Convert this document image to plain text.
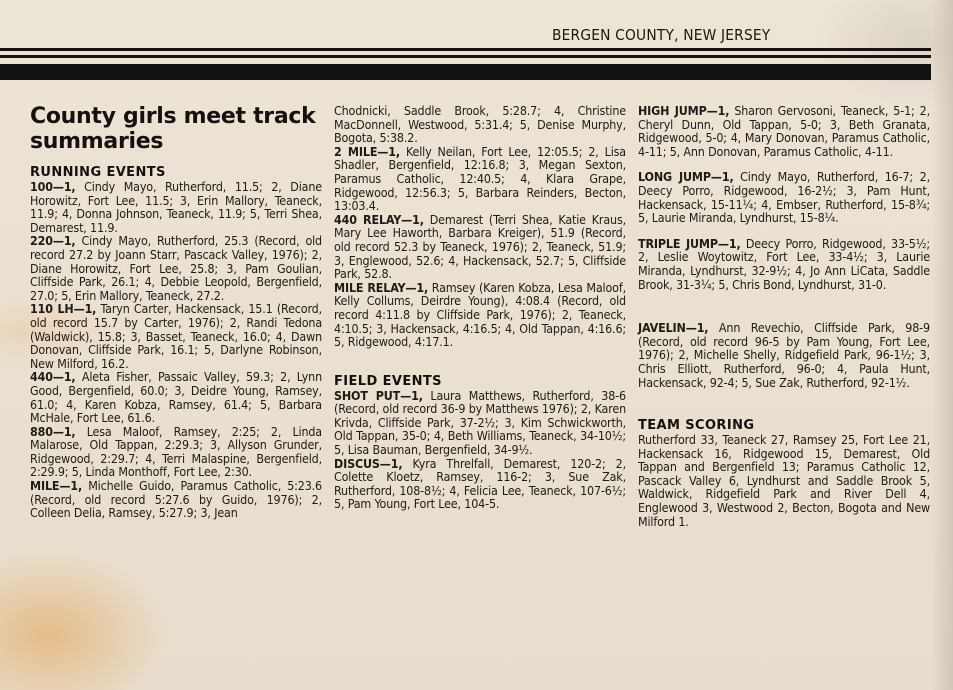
BERGEN COUNTY, NEW JERSEY
County girls meet track summaries
RUNNING EVENTS
100—1, Cindy Mayo, Rutherford, 11.5; 2, Diane Horowitz, Fort Lee, 11.5; 3, Erin Mallory, Teaneck, 11.9; 4, Donna Johnson, Teaneck, 11.9; 5, Terri Shea, Demarest, 11.9.
220—1, Cindy Mayo, Rutherford, 25.3 (Record, old record 27.2 by Joann Starr, Pascack Valley, 1976); 2, Diane Horowitz, Fort Lee, 25.8; 3, Pam Goulian, Cliffside Park, 26.1; 4, Debbie Leopold, Bergenfield, 27.0; 5, Erin Mallory, Teaneck, 27.2.
110 LH—1, Taryn Carter, Hackensack, 15.1 (Record, old record 15.7 by Carter, 1976); 2, Randi Tedona (Waldwick), 15.8; 3, Basset, Teaneck, 16.0; 4, Dawn Donovan, Cliffside Park, 16.1; 5, Darlyne Robinson, New Milford, 16.2.
440—1, Aleta Fisher, Passaic Valley, 59.3; 2, Lynn Good, Bergenfield, 60.0; 3, Deidre Young, Ramsey, 61.0; 4, Karen Kobza, Ramsey, 61.4; 5, Barbara McHale, Fort Lee, 61.6.
880—1, Lesa Maloof, Ramsey, 2:25; 2, Linda Malarose, Old Tappan, 2:29.3; 3, Allyson Grunder, Ridgewood, 2:29.7; 4, Terri Malaspine, Bergenfield, 2:29.9; 5, Linda Monthoff, Fort Lee, 2:30.
MILE—1, Michelle Guido, Paramus Catholic, 5:23.6 (Record, old record 5:27.6 by Guido, 1976); 2, Colleen Delia, Ramsey, 5:27.9; 3, Jean
Chodnicki, Saddle Brook, 5:28.7; 4, Christine MacDonnell, Westwood, 5:31.4; 5, Denise Murphy, Bogota, 5:38.2.
2 MILE—1, Kelly Neilan, Fort Lee, 12:05.5; 2, Lisa Shadler, Bergenfield, 12:16.8; 3, Megan Sexton, Paramus Catholic, 12:40.5; 4, Klara Grape, Ridgewood, 12:56.3; 5, Barbara Reinders, Becton, 13:03.4.
440 RELAY—1, Demarest (Terri Shea, Katie Kraus, Mary Lee Haworth, Barbara Kreiger), 51.9 (Record, old record 52.3 by Teaneck, 1976); 2, Teaneck, 51.9; 3, Englewood, 52.6; 4, Hackensack, 52.7; 5, Cliffside Park, 52.8.
MILE RELAY—1, Ramsey (Karen Kobza, Lesa Maloof, Kelly Collums, Deirdre Young), 4:08.4 (Record, old record 4:11.8 by Cliffside Park, 1976); 2, Teaneck, 4:10.5; 3, Hackensack, 4:16.5; 4, Old Tappan, 4:16.6; 5, Ridgewood, 4:17.1.
FIELD EVENTS
SHOT PUT—1, Laura Matthews, Rutherford, 38-6 (Record, old record 36-9 by Matthews 1976); 2, Karen Krivda, Cliffside Park, 37-2½; 3, Kim Schwickworth, Old Tappan, 35-0; 4, Beth Williams, Teaneck, 34-10½; 5, Lisa Bauman, Bergenfield, 34-9½.
DISCUS—1, Kyra Threlfall, Demarest, 120-2; 2, Colette Kloetz, Ramsey, 116-2; 3, Sue Zak, Rutherford, 108-8½; 4, Felicia Lee, Teaneck, 107-6½; 5, Pam Young, Fort Lee, 104-5.
HIGH JUMP—1, Sharon Gervosoni, Teaneck, 5-1; 2, Cheryl Dunn, Old Tappan, 5-0; 3, Beth Granata, Ridgewood, 5-0; 4, Mary Donovan, Paramus Catholic, 4-11; 5, Ann Donovan, Paramus Catholic, 4-11.
LONG JUMP—1, Cindy Mayo, Rutherford, 16-7; 2, Deecy Porro, Ridgewood, 16-2½; 3, Pam Hunt, Hackensack, 15-11¼; 4, Embser, Rutherford, 15-8¾; 5, Laurie Miranda, Lyndhurst, 15-8¼.
TRIPLE JUMP—1, Deecy Porro, Ridgewood, 33-5½; 2, Leslie Woytowitz, Fort Lee, 33-4½; 3, Laurie Miranda, Lyndhurst, 32-9½; 4, Jo Ann LiCata, Saddle Brook, 31-3¼; 5, Chris Bond, Lyndhurst, 31-0.
JAVELIN—1, Ann Revechio, Cliffside Park, 98-9 (Record, old record 96-5 by Pam Young, Fort Lee, 1976); 2, Michelle Shelly, Ridgefield Park, 96-1½; 3, Chris Elliott, Rutherford, 96-0; 4, Paula Hunt, Hackensack, 92-4; 5, Sue Zak, Rutherford, 92-1½.
TEAM SCORING
Rutherford 33, Teaneck 27, Ramsey 25, Fort Lee 21, Hackensack 16, Ridgewood 15, Demarest, Old Tappan and Bergenfield 13; Paramus Catholic 12, Pascack Valley 6, Lyndhurst and Saddle Brook 5, Waldwick, Ridgefield Park and River Dell 4, Englewood 3, Westwood 2, Becton, Bogota and New Milford 1.
